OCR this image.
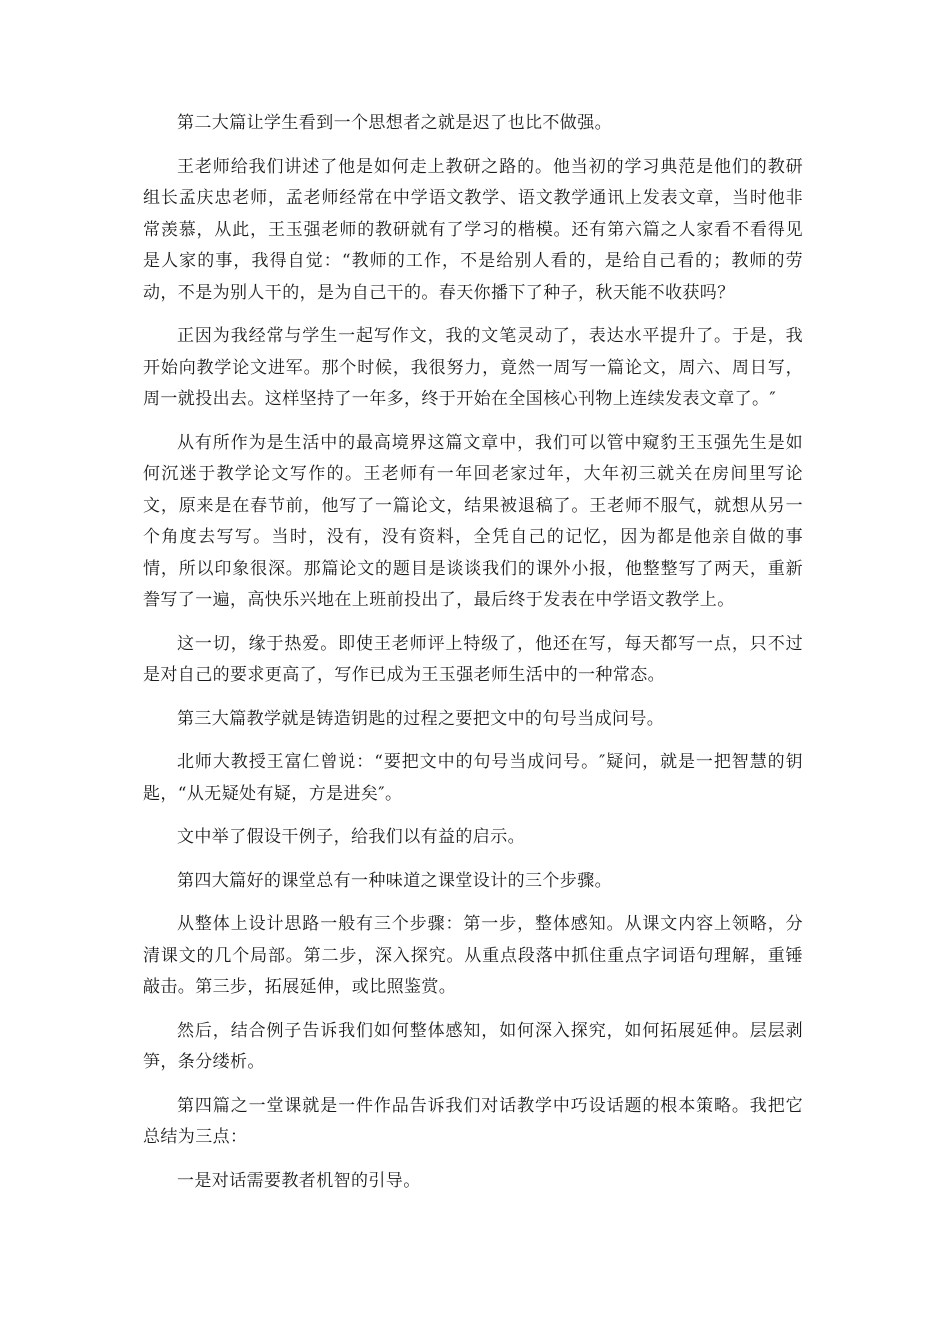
第二大篇让学生看到一个思想者之就是迟了也比不做强。

王老师给我们讲述了他是如何走上教研之路的。他当初的学习典范是他们的教研组长孟庆忠老师，孟老师经常在中学语文教学、语文教学通讯上发表文章，当时他非常羡慕，从此，王玉强老师的教研就有了学习的楷模。还有第六篇之人家看不看得见是人家的事，我得自觉：“教师的工作，不是给别人看的，是给自己看的；教师的劳动，不是为别人干的，是为自己干的。春天你播下了种子，秋天能不收获吗？

正因为我经常与学生一起写作文，我的文笔灵动了，表达水平提升了。于是，我开始向教学论文进军。那个时候，我很努力，竟然一周写一篇论文，周六、周日写，周一就投出去。这样坚持了一年多，终于开始在全国核心刊物上连续发表文章了。″

从有所作为是生活中的最高境界这篇文章中，我们可以管中窥豹王玉强先生是如何沉迷于教学论文写作的。王老师有一年回老家过年，大年初三就关在房间里写论文，原来是在春节前，他写了一篇论文，结果被退稿了。王老师不服气，就想从另一个角度去写写。当时，没有，没有资料，全凭自己的记忆，因为都是他亲自做的事情，所以印象很深。那篇论文的题目是谈谈我们的课外小报，他整整写了两天，重新誊写了一遍，高快乐兴地在上班前投出了，最后终于发表在中学语文教学上。

这一切，缘于热爱。即使王老师评上特级了，他还在写，每天都写一点，只不过是对自己的要求更高了，写作已成为王玉强老师生活中的一种常态。

第三大篇教学就是铸造钥匙的过程之要把文中的句号当成问号。

北师大教授王富仁曾说：“要把文中的句号当成问号。″疑问，就是一把智慧的钥匙，“从无疑处有疑，方是进矣″。

文中举了假设干例子，给我们以有益的启示。

第四大篇好的课堂总有一种味道之课堂设计的三个步骤。

从整体上设计思路一般有三个步骤：第一步，整体感知。从课文内容上领略，分清课文的几个局部。第二步，深入探究。从重点段落中抓住重点字词语句理解，重锤敲击。第三步，拓展延伸，或比照鉴赏。

然后，结合例子告诉我们如何整体感知，如何深入探究，如何拓展延伸。层层剥笋，条分缕析。

第四篇之一堂课就是一件作品告诉我们对话教学中巧设话题的根本策略。我把它总结为三点：

一是对话需要教者机智的引导。
